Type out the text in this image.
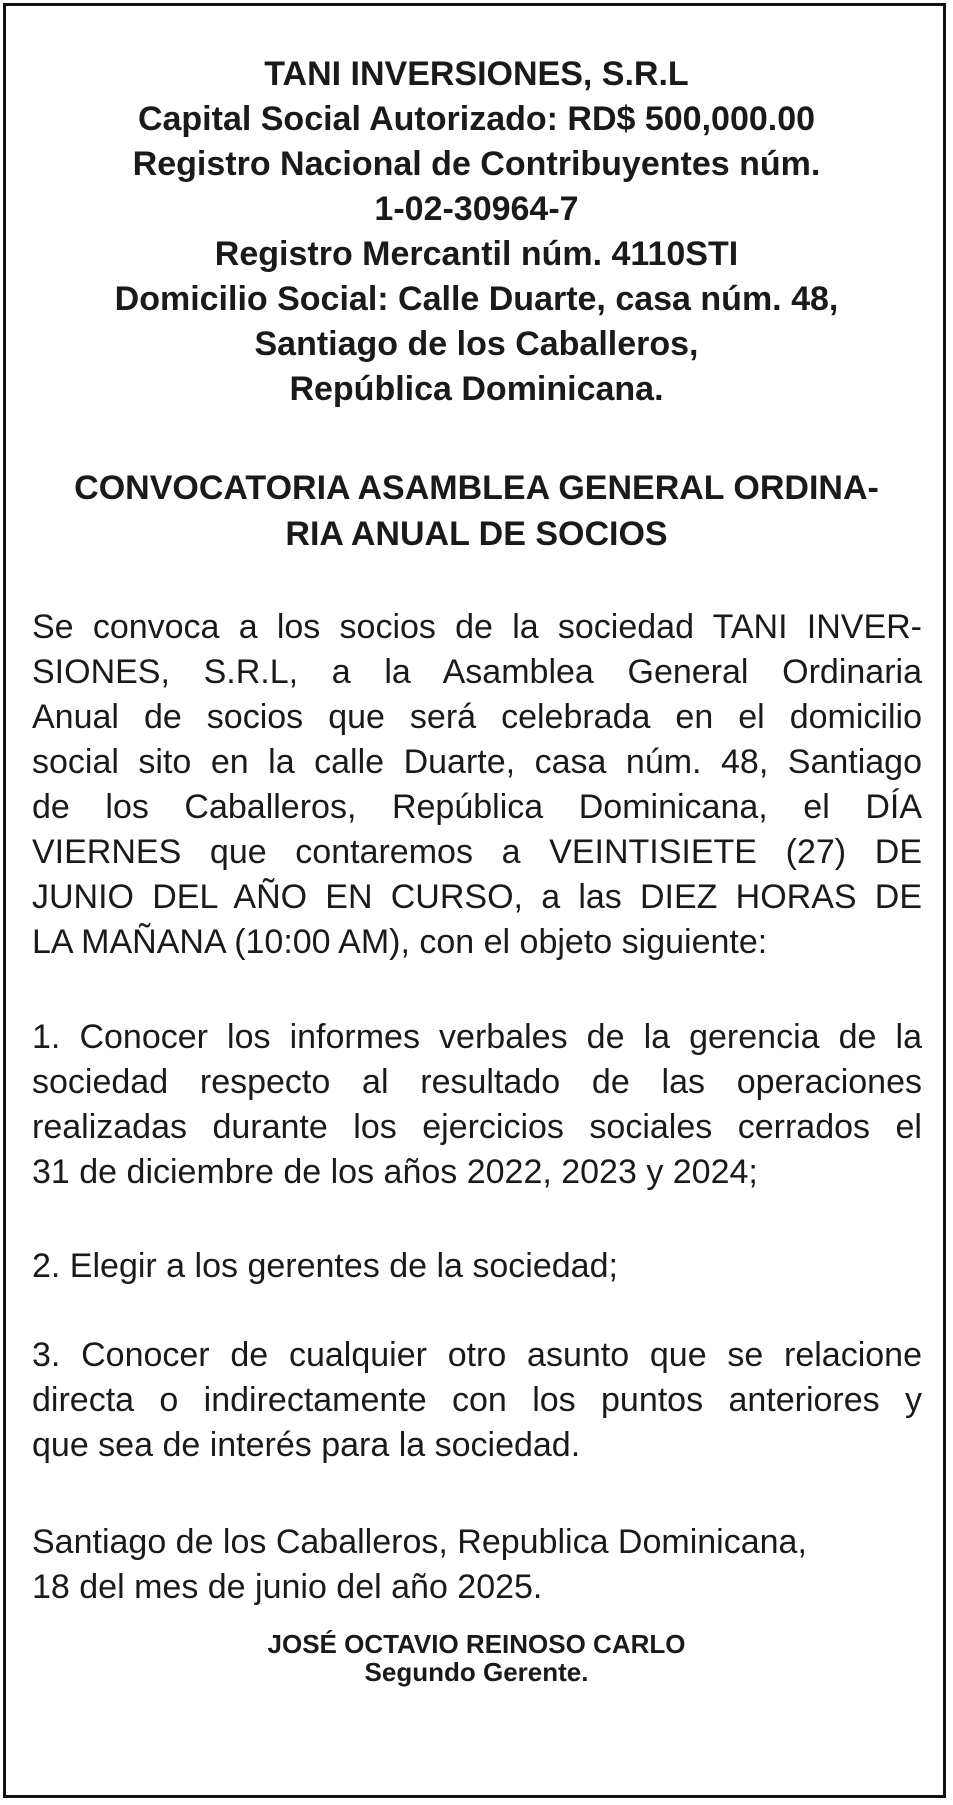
TANI INVERSIONES, S.R.L
Capital Social Autorizado: RD$ 500,000.00
Registro Nacional de Contribuyentes núm.
1-02-30964-7
Registro Mercantil núm. 4110STI
Domicilio Social: Calle Duarte, casa núm. 48,
Santiago de los Caballeros,
República Dominicana.
CONVOCATORIA ASAMBLEA GENERAL ORDINA-
RIA ANUAL DE SOCIOS
Se convoca a los socios de la sociedad TANI INVER-
SIONES, S.R.L, a la Asamblea General Ordinaria
Anual de socios que será celebrada en el domicilio
social sito en la calle Duarte, casa núm. 48, Santiago
de los Caballeros, República Dominicana, el DÍA
VIERNES que contaremos a VEINTISIETE (27) DE
JUNIO DEL AÑO EN CURSO, a las DIEZ HORAS DE
LA MAÑANA (10:00 AM), con el objeto siguiente:
1. Conocer los informes verbales de la gerencia de la
sociedad respecto al resultado de las operaciones
realizadas durante los ejercicios sociales cerrados el
31 de diciembre de los años 2022, 2023 y 2024;
2. Elegir a los gerentes de la sociedad;
3. Conocer de cualquier otro asunto que se relacione
directa o indirectamente con los puntos anteriores y
que sea de interés para la sociedad.
Santiago de los Caballeros, Republica Dominicana,
18 del mes de junio del año 2025.
JOSÉ OCTAVIO REINOSO CARLO
Segundo Gerente.
